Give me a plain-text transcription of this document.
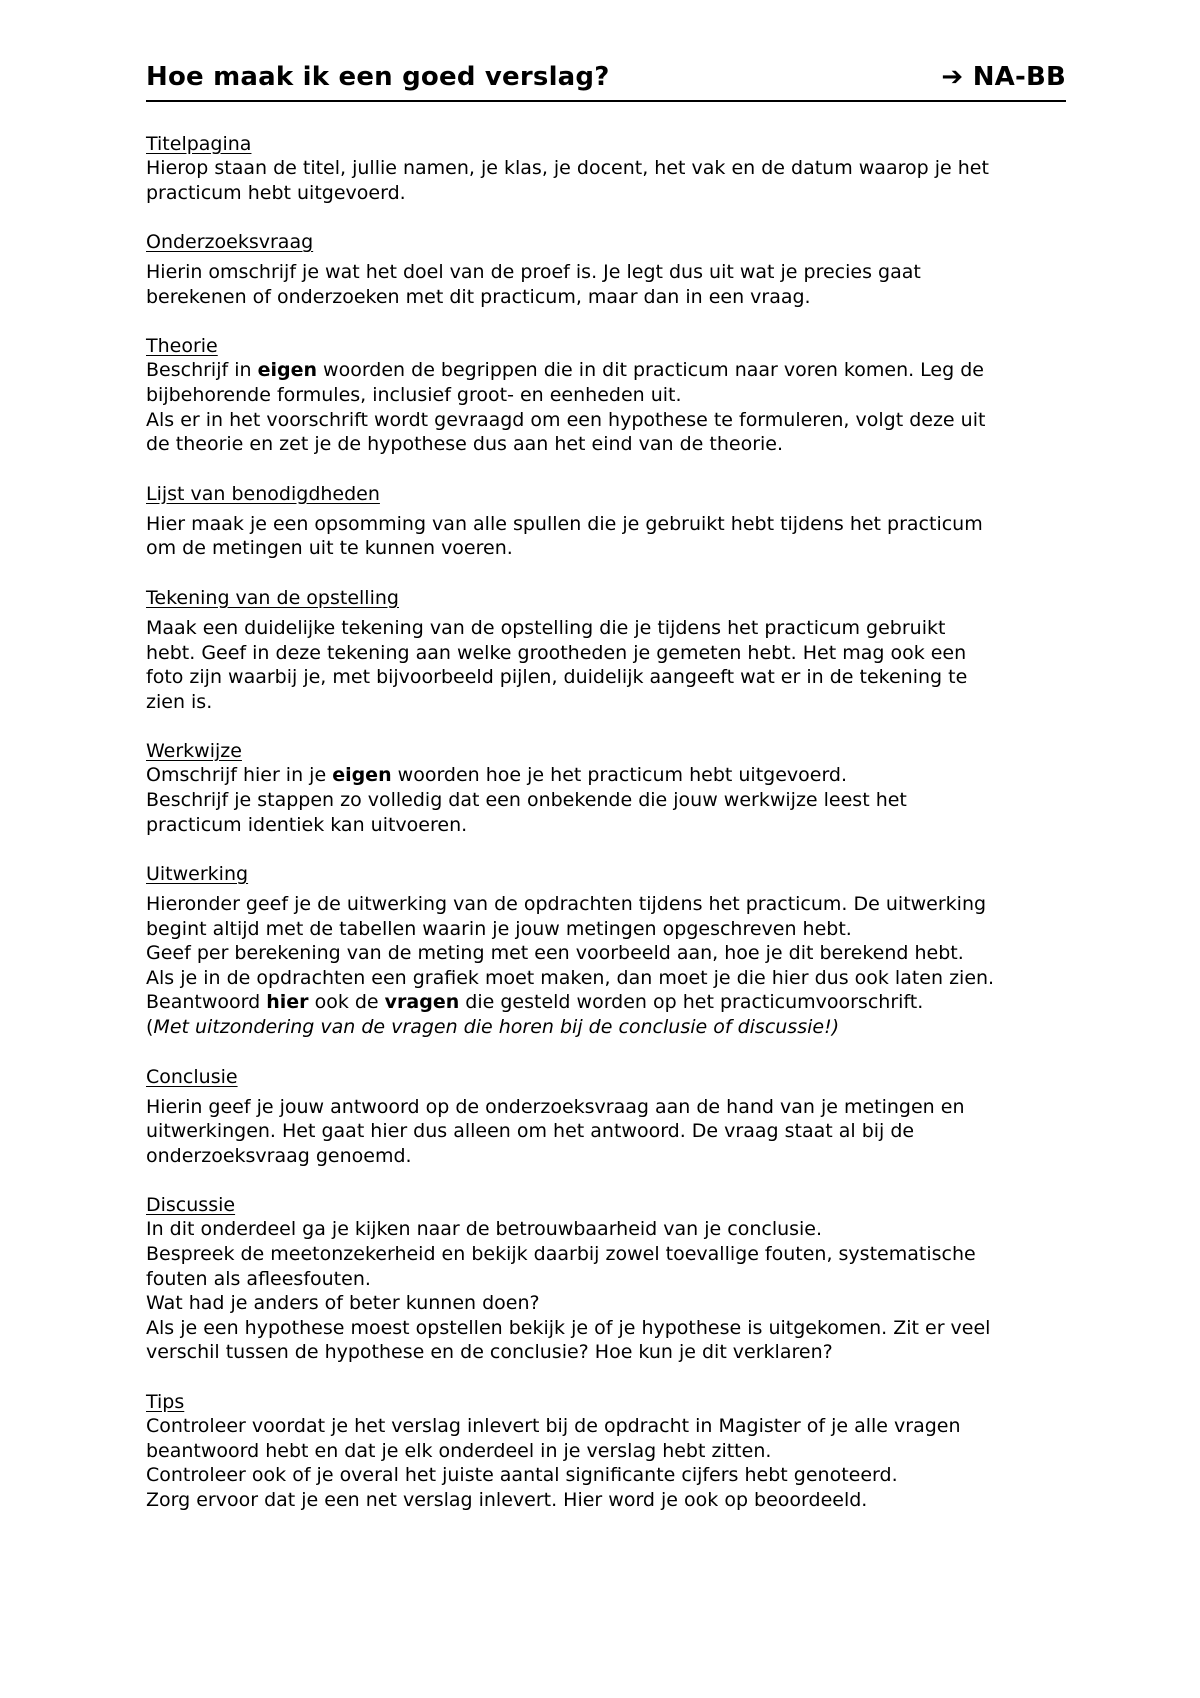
Hoe maak ik een goed verslag?	➔ NA-BB
Titelpagina
Hierop staan de titel, jullie namen, je klas, je docent, het vak en de datum waarop je het
practicum hebt uitgevoerd.
Onderzoeksvraag
Hierin omschrijf je wat het doel van de proef is. Je legt dus uit wat je precies gaat
berekenen of onderzoeken met dit practicum, maar dan in een vraag.
Theorie
Beschrijf in eigen woorden de begrippen die in dit practicum naar voren komen. Leg de
bijbehorende formules, inclusief groot- en eenheden uit.
Als er in het voorschrift wordt gevraagd om een hypothese te formuleren, volgt deze uit
de theorie en zet je de hypothese dus aan het eind van de theorie.
Lijst van benodigdheden
Hier maak je een opsomming van alle spullen die je gebruikt hebt tijdens het practicum
om de metingen uit te kunnen voeren.
Tekening van de opstelling
Maak een duidelijke tekening van de opstelling die je tijdens het practicum gebruikt
hebt. Geef in deze tekening aan welke grootheden je gemeten hebt. Het mag ook een
foto zijn waarbij je, met bijvoorbeeld pijlen, duidelijk aangeeft wat er in de tekening te
zien is.
Werkwijze
Omschrijf hier in je eigen woorden hoe je het practicum hebt uitgevoerd.
Beschrijf je stappen zo volledig dat een onbekende die jouw werkwijze leest het
practicum identiek kan uitvoeren.
Uitwerking
Hieronder geef je de uitwerking van de opdrachten tijdens het practicum. De uitwerking
begint altijd met de tabellen waarin je jouw metingen opgeschreven hebt.
Geef per berekening van de meting met een voorbeeld aan, hoe je dit berekend hebt.
Als je in de opdrachten een grafiek moet maken, dan moet je die hier dus ook laten zien.
Beantwoord hier ook de vragen die gesteld worden op het practicumvoorschrift.
(Met uitzondering van de vragen die horen bij de conclusie of discussie!)
Conclusie
Hierin geef je jouw antwoord op de onderzoeksvraag aan de hand van je metingen en
uitwerkingen. Het gaat hier dus alleen om het antwoord. De vraag staat al bij de
onderzoeksvraag genoemd.
Discussie
In dit onderdeel ga je kijken naar de betrouwbaarheid van je conclusie.
Bespreek de meetonzekerheid en bekijk daarbij zowel toevallige fouten, systematische
fouten als afleesfouten.
Wat had je anders of beter kunnen doen?
Als je een hypothese moest opstellen bekijk je of je hypothese is uitgekomen. Zit er veel
verschil tussen de hypothese en de conclusie? Hoe kun je dit verklaren?
Tips
Controleer voordat je het verslag inlevert bij de opdracht in Magister of je alle vragen
beantwoord hebt en dat je elk onderdeel in je verslag hebt zitten.
Controleer ook of je overal het juiste aantal significante cijfers hebt genoteerd.
Zorg ervoor dat je een net verslag inlevert. Hier word je ook op beoordeeld.
